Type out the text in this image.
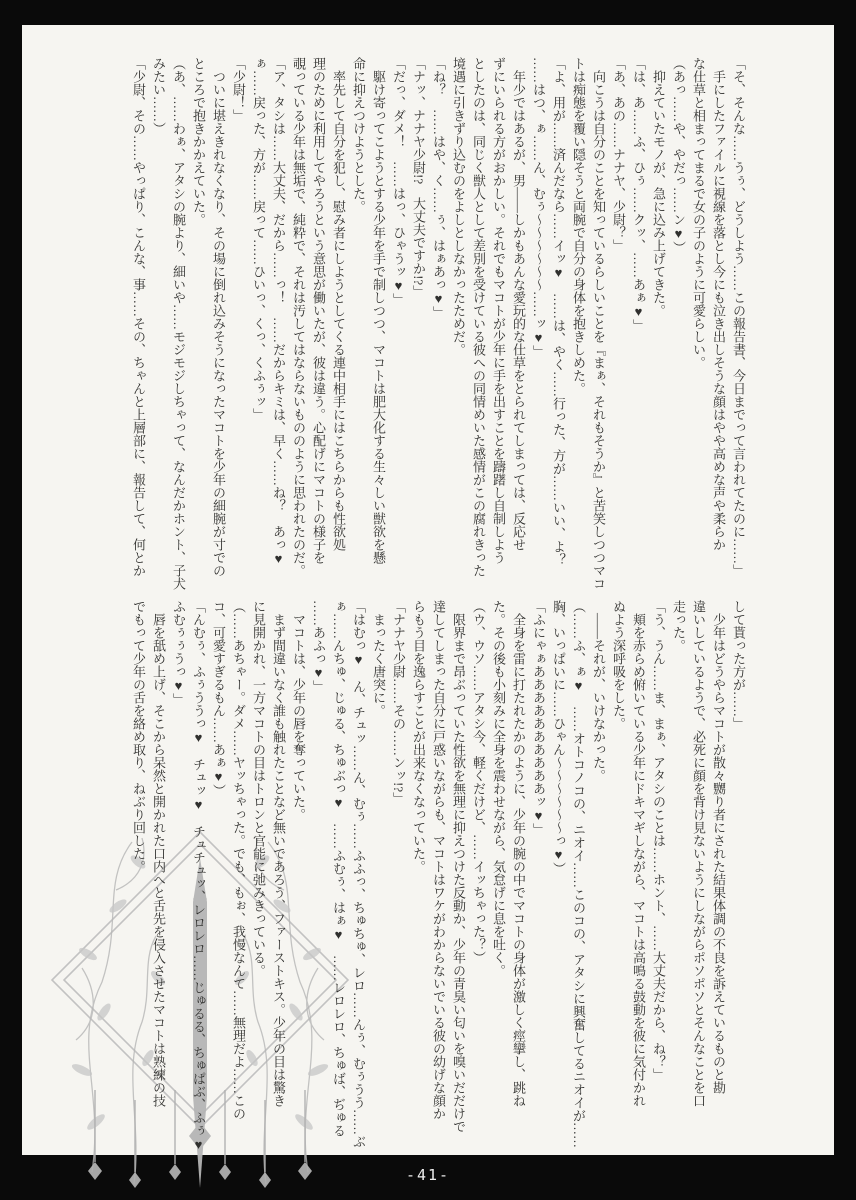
「そ、そんな……うぅ、どうしよう……この報告書、今日までって言われてたのに……」

　手にしたファイルに視線を落とし今にも泣き出しそうな顔はやや高めな声や柔らか

な仕草と相まってまるで女の子のように可愛らしい。

（あっ……や、やだっ……ン♥）

　抑えていたモノが、急に込み上げてきた。

「は、あ……ふ、ひぅ……クッ、……あぁ♥」

「あ、あの……ナナヤ、少尉？」

　向こうは自分のことを知っているらしいことを『まぁ、それもそうか』と苦笑しつつマコ

トは痴態を覆い隠そうと両腕で自分の身体を抱きしめた。

「よ、用が……済んだなら……イッ♥　……は、やく……行った、方が……いい、よ？

……はつ、ぁ……ん、むぅ〜〜〜〜〜〜……ッ♥」

　年少ではあるが、男――しかもあんな愛玩的な仕草をとられてしまっては、反応せ

ずにいられる方がおかしい。それでもマコトが少年に手を出すことを躊躇し自制しよう

としたのは、同じく獣人として差別を受けている彼への同情めいた感情がこの腐れきった

境遇に引きずり込むのをよしとしなかったためだ。

「ね？　……はや、く……ぅ、はぁあっ♥」

「ナッ、ナナヤ少尉!?　大丈夫ですか!?」

「だっ、ダメ！　……はっ、ひゃうッ♥」

　駆け寄ってこようとする少年を手で制しつつ、マコトは肥大化する生々しい獣欲を懸

命に抑えつけようとした。

　率先して自分を犯し、慰み者にしようとしてくる連中相手にはこちらからも性欲処

理のために利用してやろうという意思が働いたが、彼は違う。心配げにマコトの様子を

覗っている少年は無垢で、純粋で、それは汚してはならないもののように思われたのだ。

「ア、タシは……大丈夫、だから……っ！　……だからキミは、早く……ね？　あっ♥

ぁ……戻った、方が……戻って……ひいっ、くっ、くふぅッ」

「少尉！」

　ついに堪えきれなくなり、その場に倒れ込みそうになったマコトを少年の細腕が寸での

ところで抱きかかえていた。

（あ、……わぁ、アタシの腕より、細いや……モジモジしちゃって、なんだかホント、子犬

みたい……）

「少尉、その……やっぱり、こんな、事……その、ちゃんと上層部に、報告して、何とか

して貰った方が……」

　少年はどうやらマコトが散々嬲り者にされた結果体調の不良を訴えているものと勘

違いしているようで、必死に顔を背け見ないようにしながらポソポソとそんなことを口

走った。

「う、うん……ま、まぁ、アタシのことは……ホント、……大丈夫だから、ね？」

　頬を赤らめ俯いている少年にドキマギしながら、マコトは高鳴る鼓動を彼に気付かれ

ぬよう深呼吸をした。

　――それが、いけなかった。

（……ふ、ぁ♥　……オトコノコの、ニオイ……このコの、アタシに興奮してるニオイが……

胸、いっぱいに……ひゃん〜〜〜〜〜〜っ♥）

「ふにゃぁああああああああああッ♥」

　全身を雷に打たれたかのように、少年の腕の中でマコトの身体が激しく痙攣し、跳ね

た。その後も小刻みに全身を震わせながら、気怠げに息を吐く。

（ウ、ウソ……アタシ今、軽くだけど、……イッちゃった？）

　限界まで昂ぶっていた性欲を無理に抑えつけた反動か、少年の青臭い匂いを嗅いだだけで

達してしまった自分に戸惑いながらも、マコトはワケがわからないでいる彼の幼げな顔か

らもう目を逸らすことが出来なくなっていた。

「ナナヤ少尉……その……ンッ!?」

　まったく唐突に。

「はむっ♥　ん、チュッ……ん、むぅ……ふふっ、ちゅちゅ、レロ……んぅ、むぅうう……ぶ

ぁ……んちゅ、じゅる、ちゅぶっ♥　……ふむぅ、はぁ♥　……レロレロ、ちゅば、ぢゅる

……あふっ♥」

　マコトは、少年の唇を奪っていた。

　まず間違いなく誰も触れたことなど無いであろう、ファーストキス。少年の目は驚き

に見開かれ、一方マコトの目はトロンと官能に弛みきっている。

（……あちゃー。ダメ……ヤッちゃった。でも、もぉ、我慢なんて……無理だよ……この

コ、可愛すぎるもん……あぁ♥）

「んむぅ、ふぅううっ♥　チュッ♥　チュチュッ、レロレロ……じゅるる、ちゅぱぶ、ふぅ♥

ふむぅぅうっ♥」

　唇を舐め上げ、そこから呆然と開かれた口内へと舌先を侵入させたマコトは熟練の技

でもって少年の舌を絡め取り、ねぶり回した。

-41-
